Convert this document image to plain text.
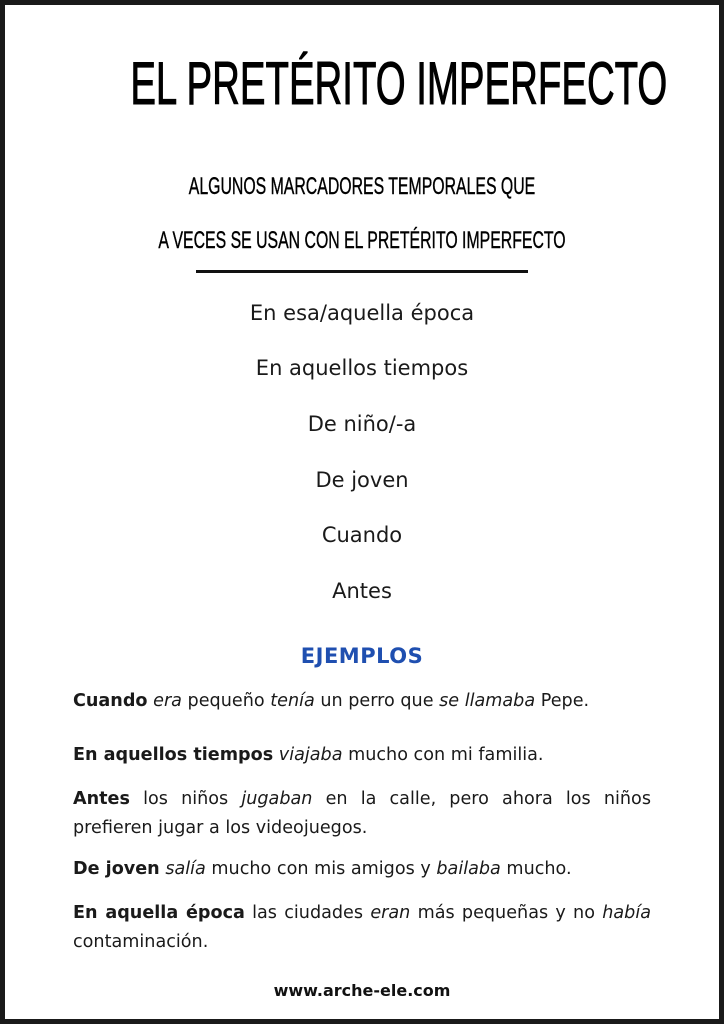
EL PRETÉRITO IMPERFECTO
ALGUNOS MARCADORES TEMPORALES QUE
A VECES SE USAN CON EL PRETÉRITO IMPERFECTO
En esa/aquella época
En aquellos tiempos
De niño/-a
De joven
Cuando
Antes
EJEMPLOS

Cuando era pequeño tenía un perro que se llamaba Pepe.

En aquellos tiempos viajaba mucho con mi familia.

Antes los niños jugaban en la calle, pero ahora los niños prefieren jugar a los videojuegos.

De joven salía mucho con mis amigos y bailaba mucho.

En aquella época las ciudades eran más pequeñas y no había contaminación.

www.arche-ele.com
